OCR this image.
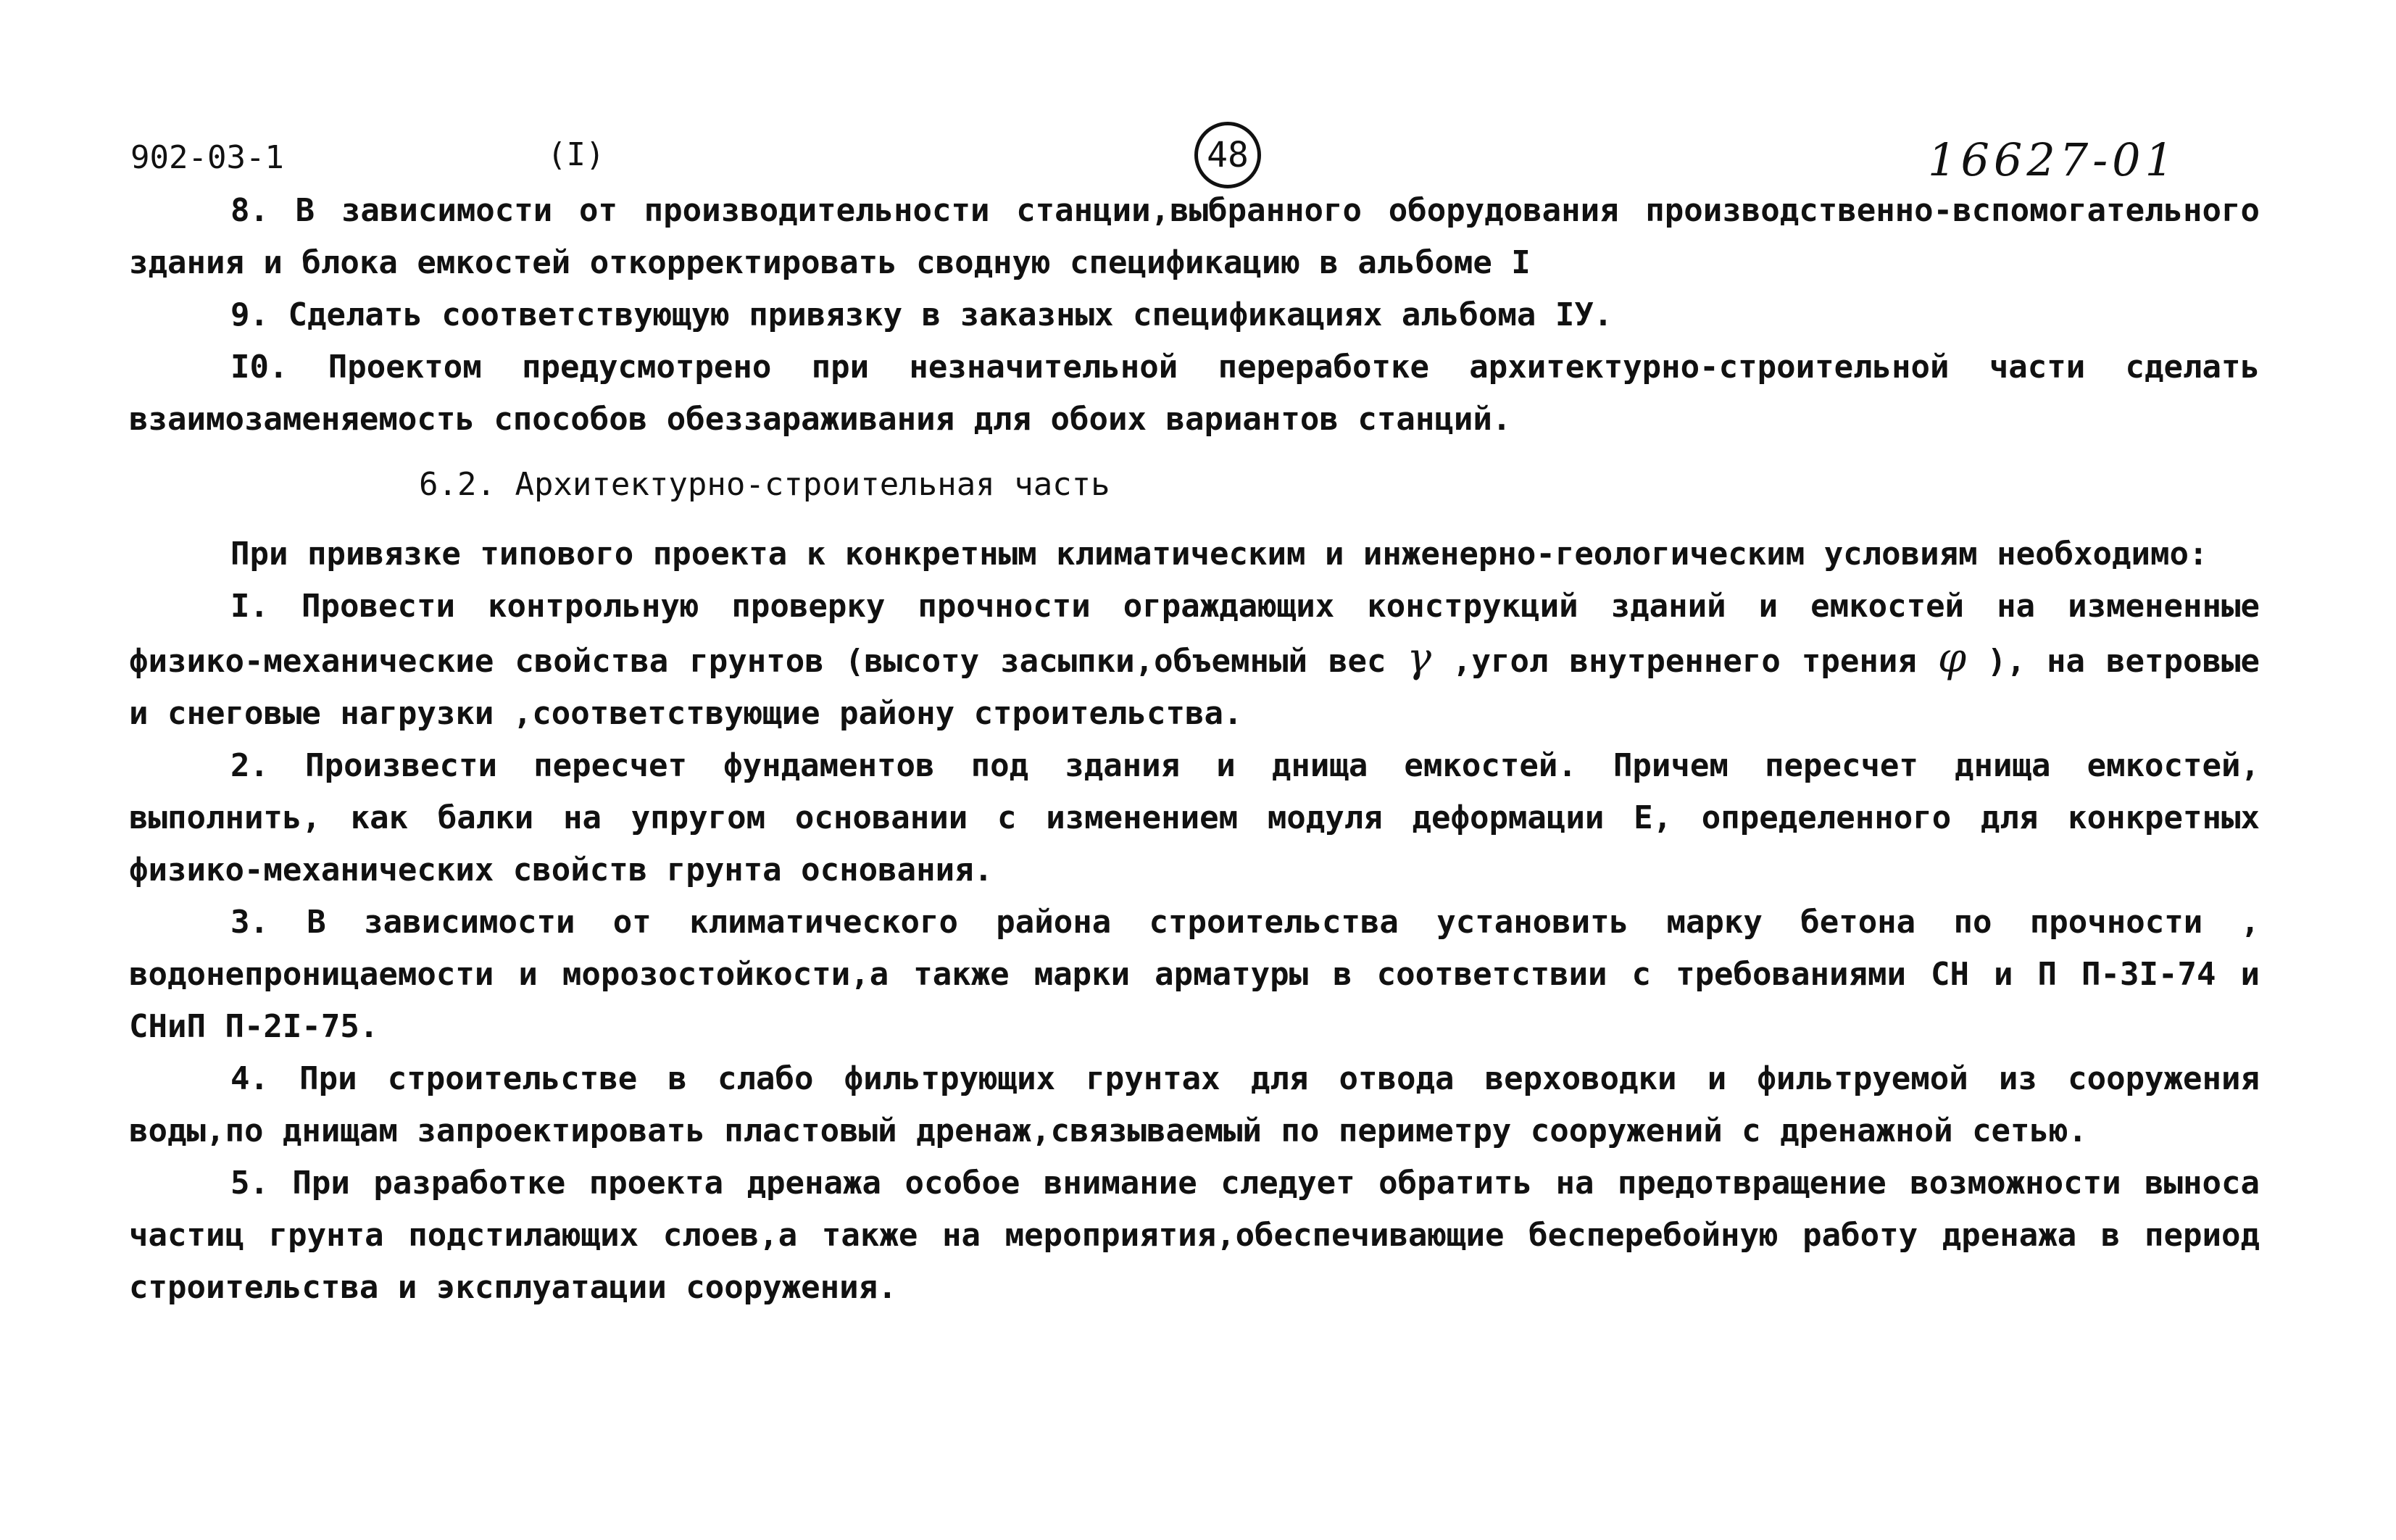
902-03-1	(I)	48	16627-01

8. В зависимости от производительности станции,выбранного оборудования производственно-вспомогательного здания и блока емкостей откорректировать сводную спецификацию в альбоме I

9. Сделать соответствующую привязку в заказных спецификациях альбома IУ.

I0. Проектом предусмотрено при незначительной переработке архитектурно-строительной части сделать взаимозаменяемость способов обеззараживания для обоих вариантов станций.

6.2. Архитектурно-строительная часть

При привязке типового проекта к конкретным климатическим и инженерно-геологическим условиям необходимо:

I. Провести контрольную проверку прочности ограждающих конструкций зданий и емкостей на измененные физико-механические свойства грунтов (высоту засыпки,объемный вес γ ,угол внутреннего трения φ ), на ветровые и снеговые нагрузки ,соответствующие району строительства.

2. Произвести пересчет фундаментов под здания и днища емкостей. Причем пересчет днища емкостей, выполнить, как балки на упругом основании с изменением модуля деформации Е, определенного для конкретных физико-механических свойств грунта основания.

3. В зависимости от климатического района строительства установить марку бетона по прочности , водонепроницаемости и морозостойкости,а также марки арматуры в соответствии с требованиями СН и П П-3I-74 и СНиП П-2I-75.

4. При строительстве в слабо фильтрующих грунтах для отвода верховодки и фильтруемой из сооружения воды,по днищам запроектировать пластовый дренаж,связываемый по периметру сооружений с дренажной сетью.

5. При разработке проекта дренажа особое внимание следует обратить на предотвращение возможности выноса частиц грунта подстилающих слоев,а также на мероприятия,обеспечивающие бесперебойную работу дренажа в период строительства и эксплуатации сооружения.
